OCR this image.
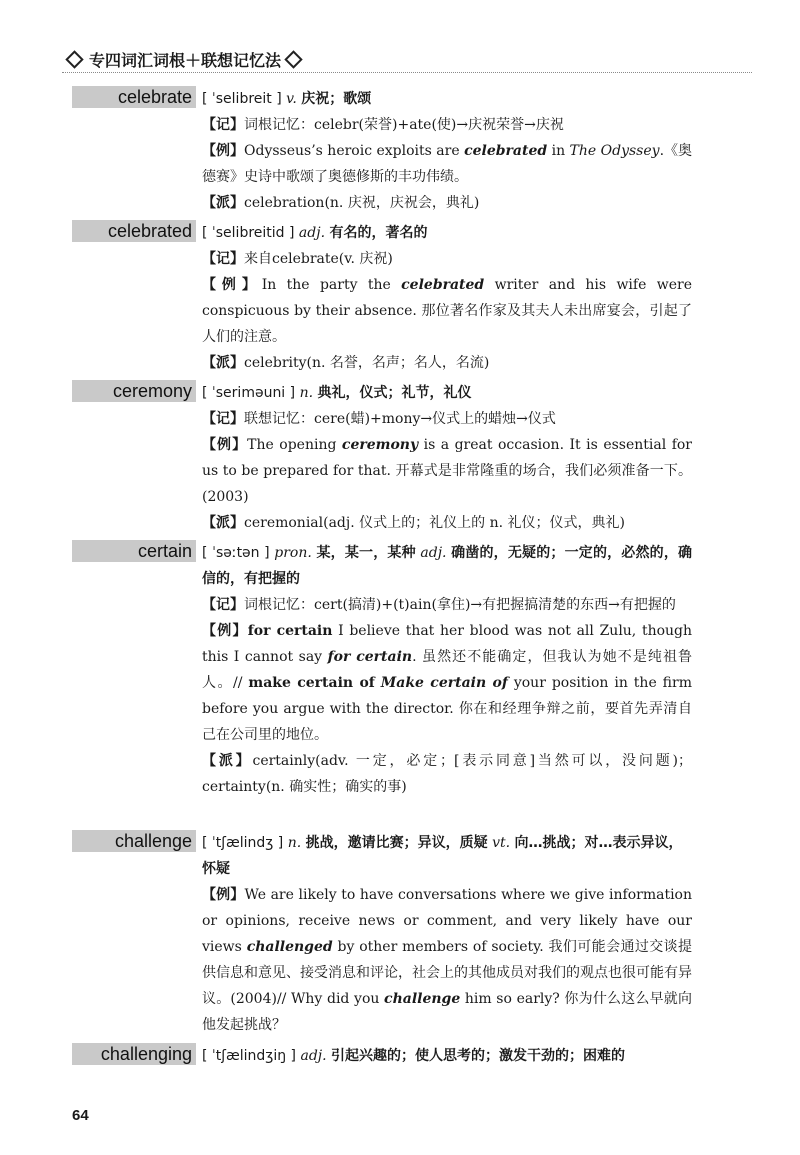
专四词汇词根＋联想记忆法
celebrate [ ˈselibreit ] v. 庆祝；歌颂
【记】词根记忆：celebr(荣誉)+ate(使)→庆祝荣誉→庆祝
【例】Odysseus’s heroic exploits are celebrated in The Odyssey.《奥德赛》史诗中歌颂了奥德修斯的丰功伟绩。
【派】celebration(n. 庆祝，庆祝会，典礼)
celebrated [ ˈselibreitid ] adj. 有名的，著名的
【记】来自celebrate(v. 庆祝)
【例】In the party the celebrated writer and his wife were conspicuous by their absence. 那位著名作家及其夫人未出席宴会，引起了人们的注意。
【派】celebrity(n. 名誉，名声；名人，名流)
ceremony [ ˈseriməuni ] n. 典礼，仪式；礼节，礼仪
【记】联想记忆：cere(蜡)+mony→仪式上的蜡烛→仪式
【例】The opening ceremony is a great occasion. It is essential for us to be prepared for that. 开幕式是非常隆重的场合，我们必须准备一下。(2003)
【派】ceremonial(adj. 仪式上的；礼仪上的 n. 礼仪；仪式，典礼)
certain [ ˈsəːtən ] pron. 某，某一，某种 adj. 确凿的，无疑的；一定的，必然的，确信的，有把握的
【记】词根记忆：cert(搞清)+(t)ain(拿住)→有把握搞清楚的东西→有把握的
【例】for certain I believe that her blood was not all Zulu, though this I cannot say for certain. 虽然还不能确定，但我认为她不是纯祖鲁人。// make certain of Make certain of your position in the firm before you argue with the director. 你在和经理争辩之前，要首先弄清自己在公司里的地位。
【派】certainly(adv. 一定，必定；[表示同意]当然可以，没问题)；certainty(n. 确实性；确实的事)
challenge [ ˈtʃælindʒ ] n. 挑战，邀请比赛；异议，质疑 vt. 向…挑战；对…表示异议，怀疑
【例】We are likely to have conversations where we give information or opinions, receive news or comment, and very likely have our views challenged by other members of society. 我们可能会通过交谈提供信息和意见、接受消息和评论，社会上的其他成员对我们的观点也很可能有异议。(2004)// Why did you challenge him so early? 你为什么这么早就向他发起挑战？
challenging [ ˈtʃælindʒiŋ ] adj. 引起兴趣的；使人思考的；激发干劲的；困难的
64
